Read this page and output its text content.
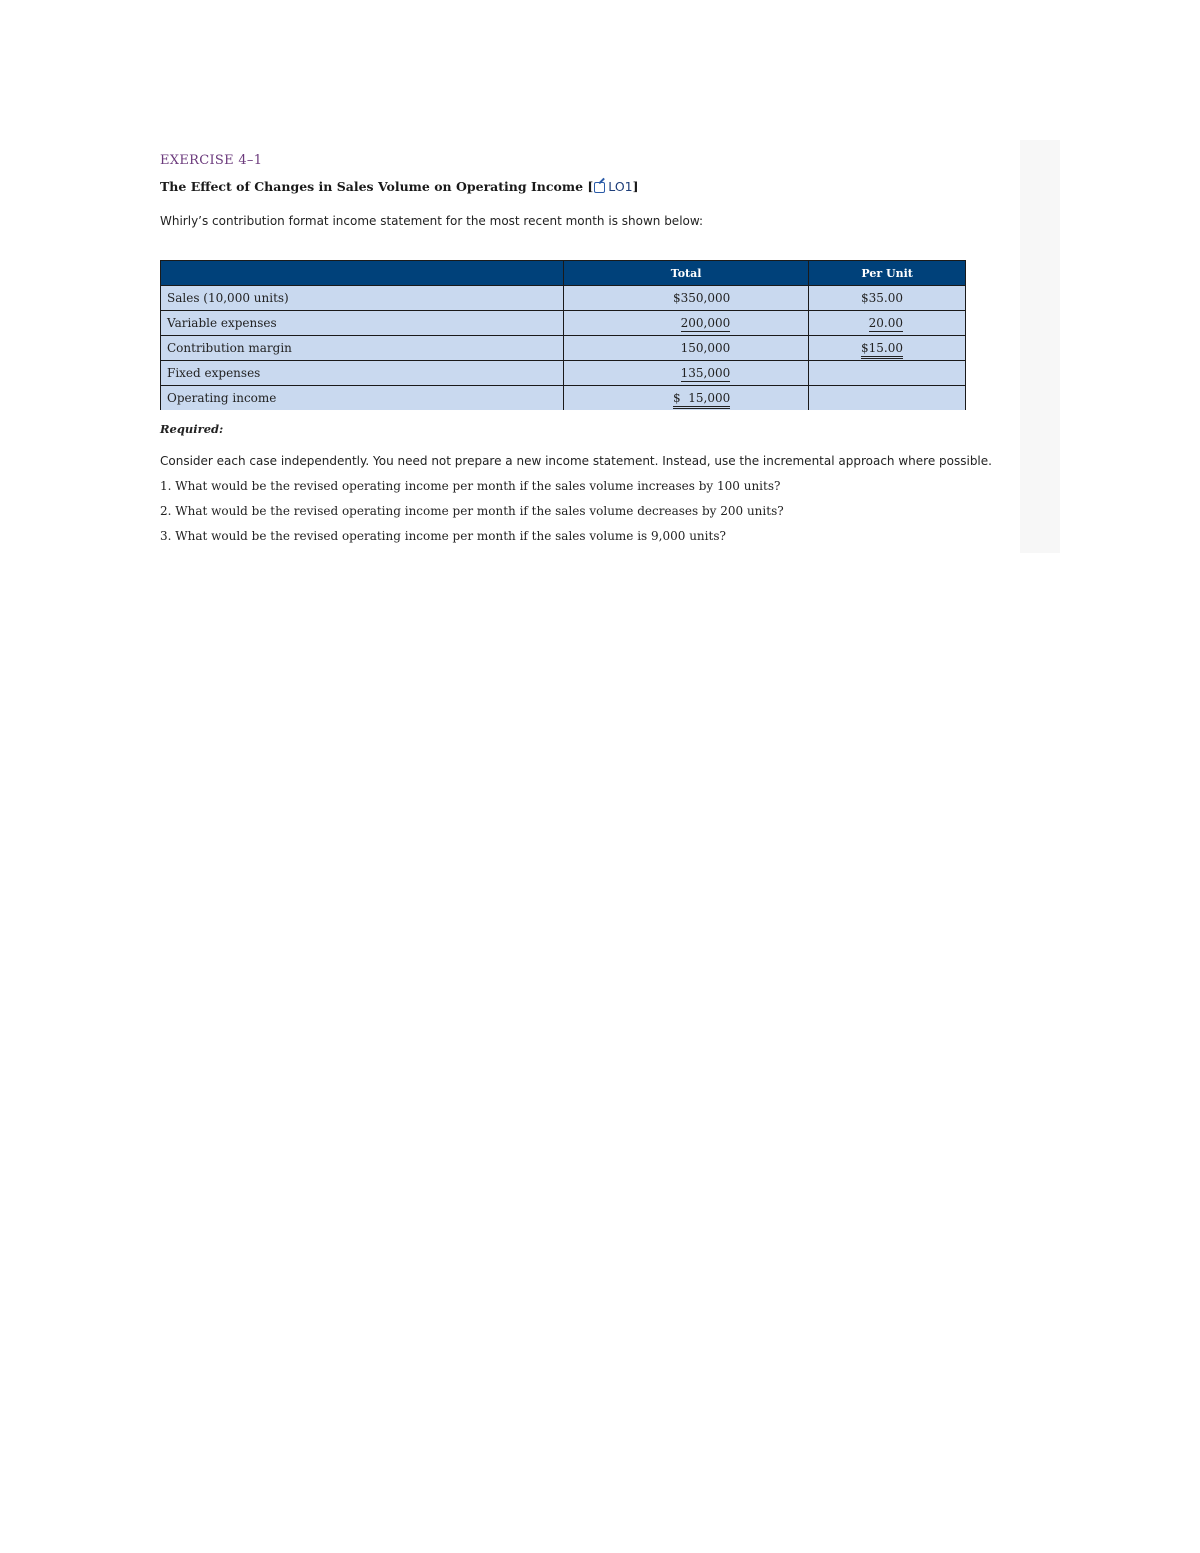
EXERCISE 4–1
The Effect of Changes in Sales Volume on Operating Income [ LO1 ]

Whirly’s contribution format income statement for the most recent month is shown below:

	Total	Per Unit
Sales (10,000 units)	$350,000	$35.00
Variable expenses	200,000	20.00
Contribution margin	150,000	$15.00
Fixed expenses	135,000	
Operating income	$  15,000	
Required:

Consider each case independently. You need not prepare a new income statement. Instead, use the incremental approach where possible.

1. What would be the revised operating income per month if the sales volume increases by 100 units?

2. What would be the revised operating income per month if the sales volume decreases by 200 units?

3. What would be the revised operating income per month if the sales volume is 9,000 units?
